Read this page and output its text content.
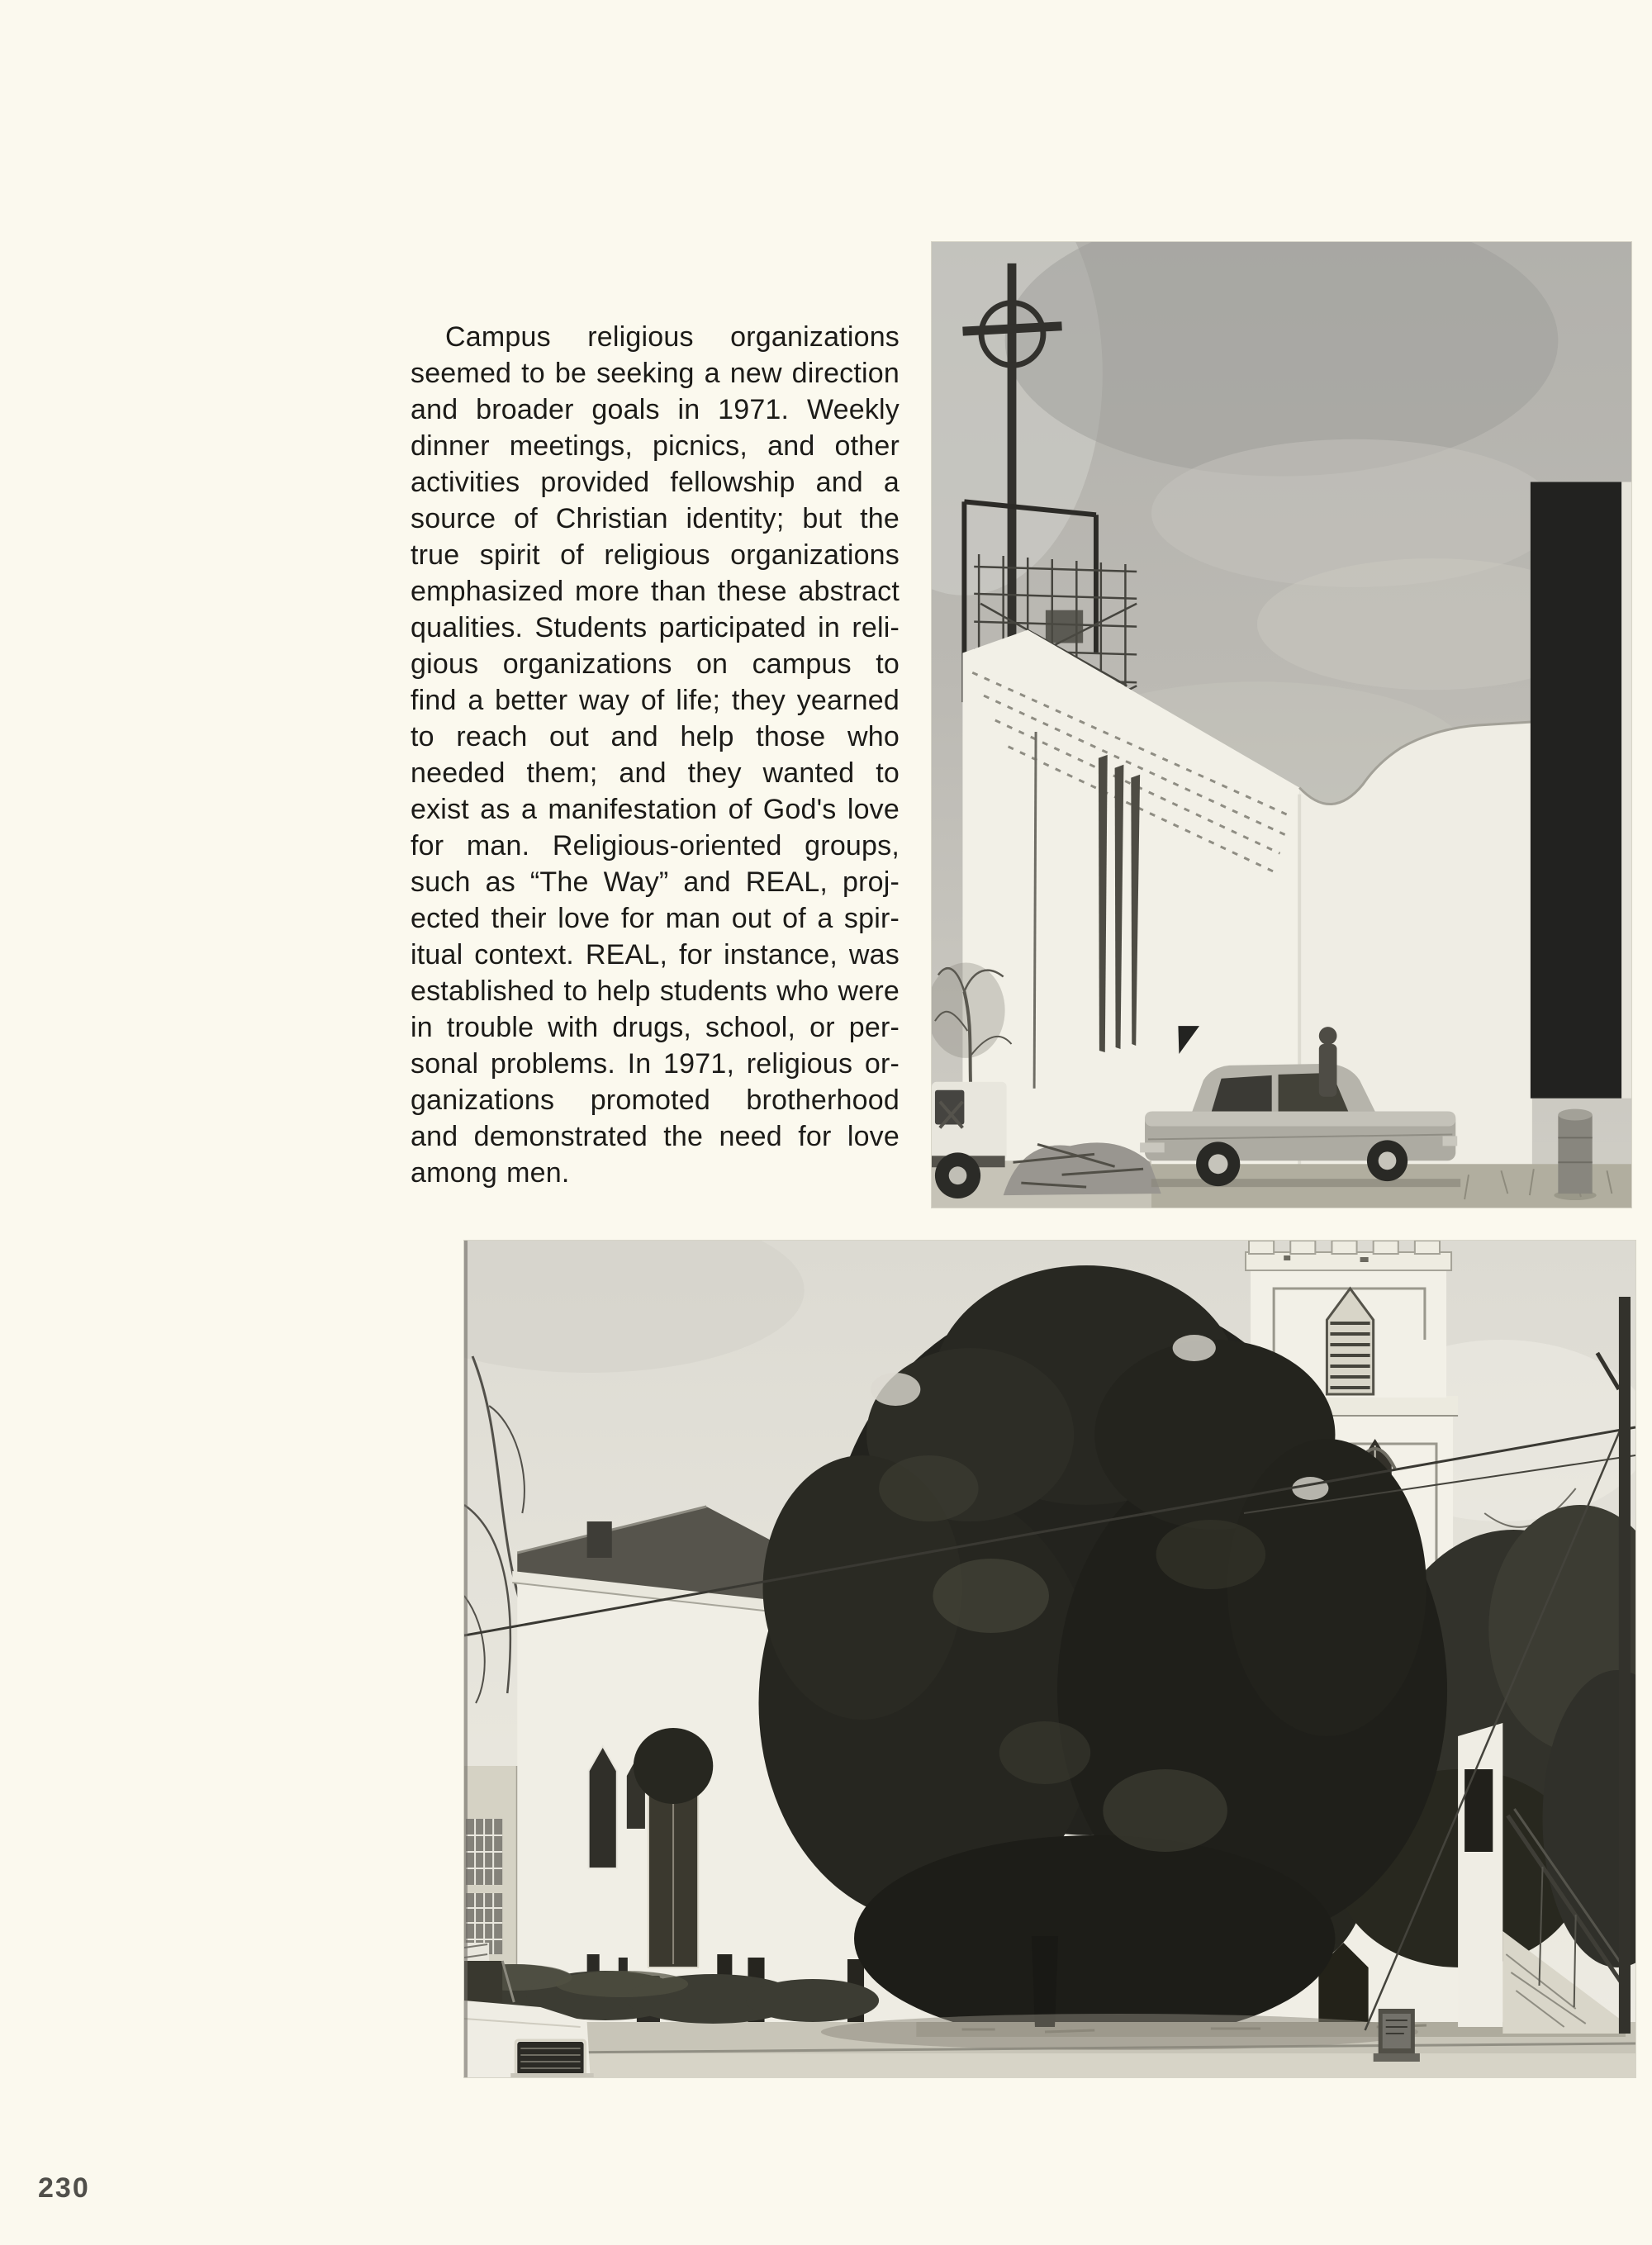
Campus religious organizations
seemed to be seeking a new direction
and broader goals in 1971. Weekly
dinner meetings, picnics, and other
activities provided fellowship and a
source of Christian identity; but the
true spirit of religious organizations
emphasized more than these abstract
qualities. Students participated in reli-
gious organizations on campus to
find a better way of life; they yearned
to reach out and help those who
needed them; and they wanted to
exist as a manifestation of God's love
for man. Religious-oriented groups,
such as “The Way” and REAL, proj-
ected their love for man out of a spir-
itual context. REAL, for instance, was
established to help students who were
in trouble with drugs, school, or per-
sonal problems. In 1971, religious or-
ganizations promoted brotherhood
and demonstrated the need for love
among men.
230
